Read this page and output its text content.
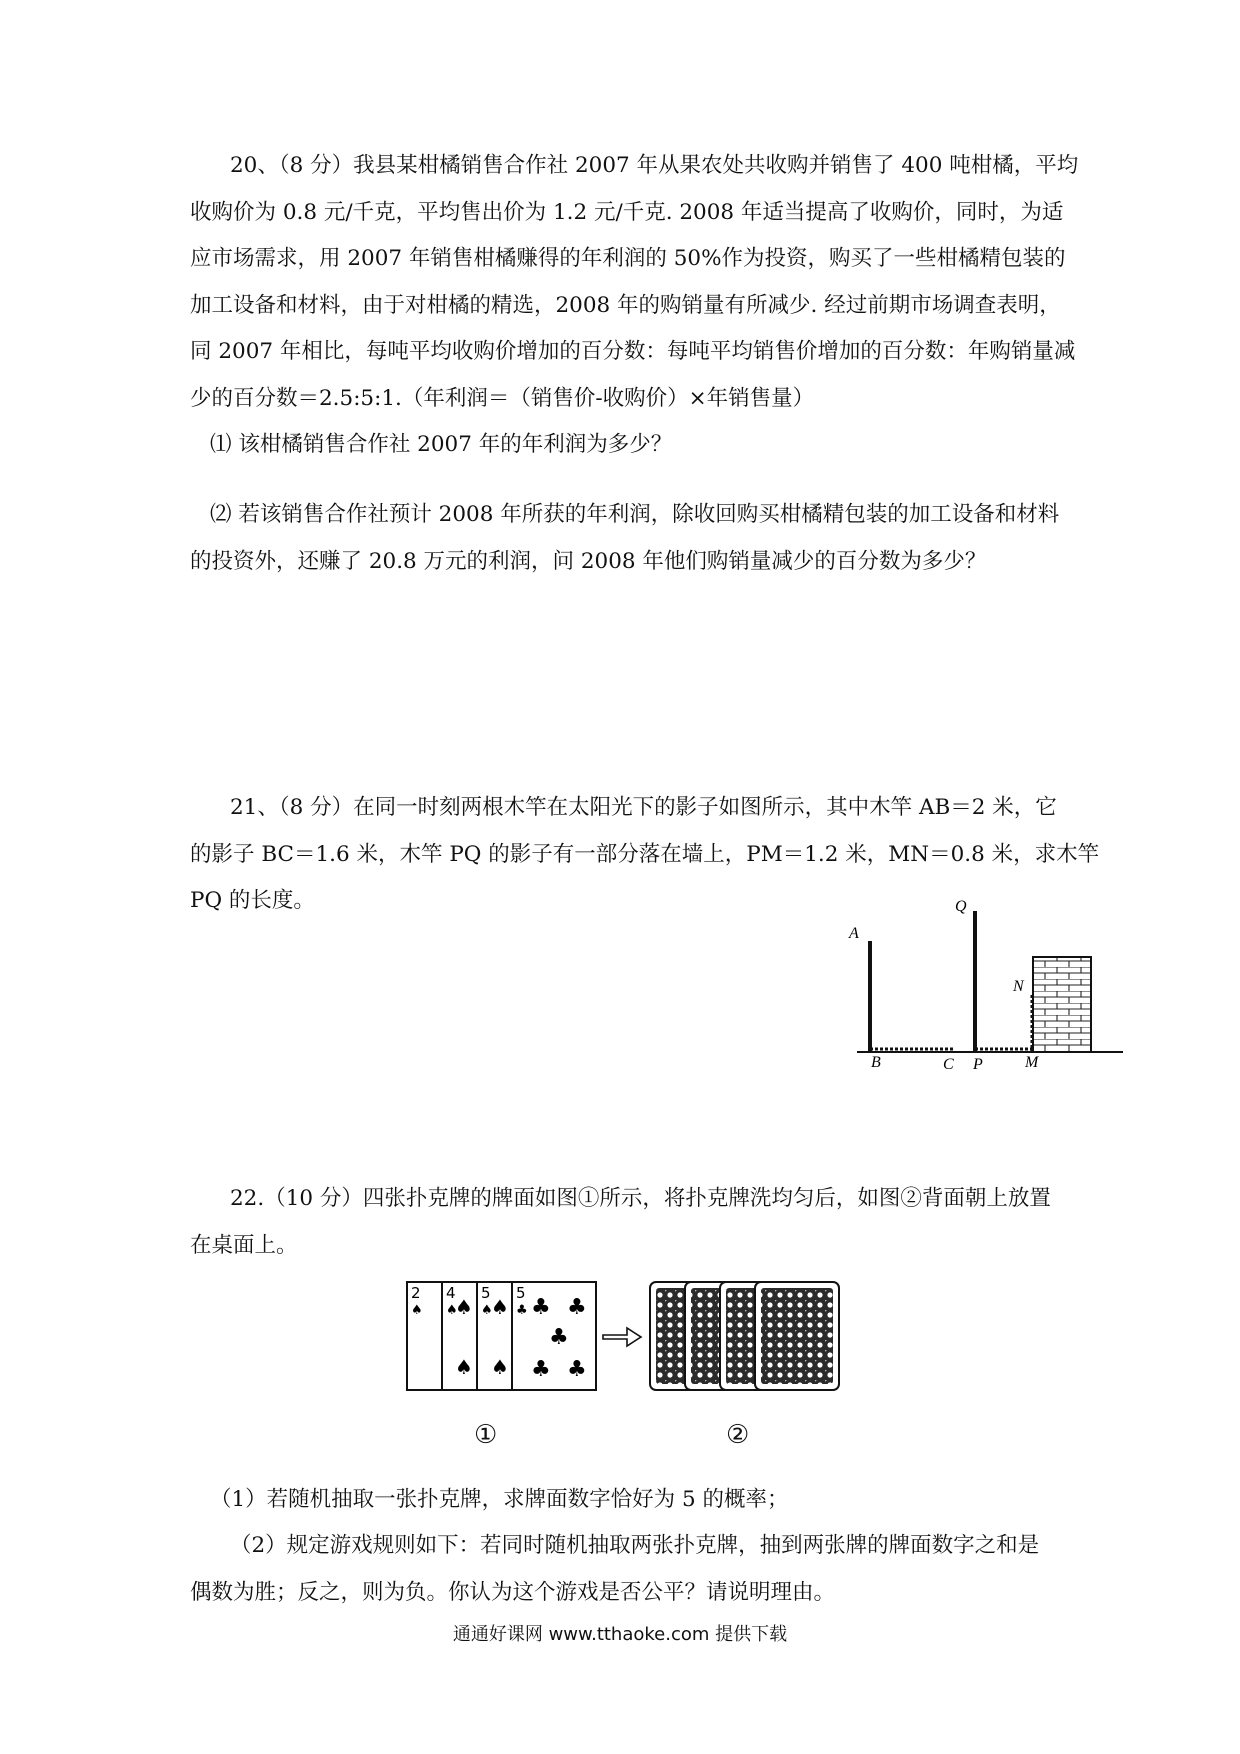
20、（8 分）我县某柑橘销售合作社 2007 年从果农处共收购并销售了 400 吨柑橘，平均
收购价为 0.8 元/千克，平均售出价为 1.2 元/千克. 2008 年适当提高了收购价，同时，为适
应市场需求，用 2007 年销售柑橘赚得的年利润的 50%作为投资，购买了一些柑橘精包装的
加工设备和材料，由于对柑橘的精选，2008 年的购销量有所减少. 经过前期市场调查表明，
同 2007 年相比，每吨平均收购价增加的百分数：每吨平均销售价增加的百分数：年购销量减
少的百分数＝2.5:5:1.（年利润＝（销售价-收购价）×年销售量）
⑴ 该柑橘销售合作社 2007 年的年利润为多少？
⑵ 若该销售合作社预计 2008 年所获的年利润，除收回购买柑橘精包装的加工设备和材料
的投资外，还赚了 20.8 万元的利润，问 2008 年他们购销量减少的百分数为多少？
21、（8 分）在同一时刻两根木竿在太阳光下的影子如图所示，其中木竿 AB＝2 米，它
的影子 BC＝1.6 米，木竿 PQ 的影子有一部分落在墙上，PM＝1.2 米，MN＝0.8 米，求木竿
PQ 的长度。
A
B	C P
Q
M
N
22.（10 分）四张扑克牌的牌面如图①所示，将扑克牌洗均匀后，如图②背面朝上放置
在桌面上。
2 4 5 5
♠ ♠
♠ ♠
♠
♠ ♠
♣ ♣ ♣
♣
♣ ♣
①	②
（1）若随机抽取一张扑克牌，求牌面数字恰好为 5 的概率；
（2）规定游戏规则如下：若同时随机抽取两张扑克牌，抽到两张牌的牌面数字之和是
偶数为胜；反之，则为负。你认为这个游戏是否公平？请说明理由。
通通好课网 www.tthaoke.com 提供下载
